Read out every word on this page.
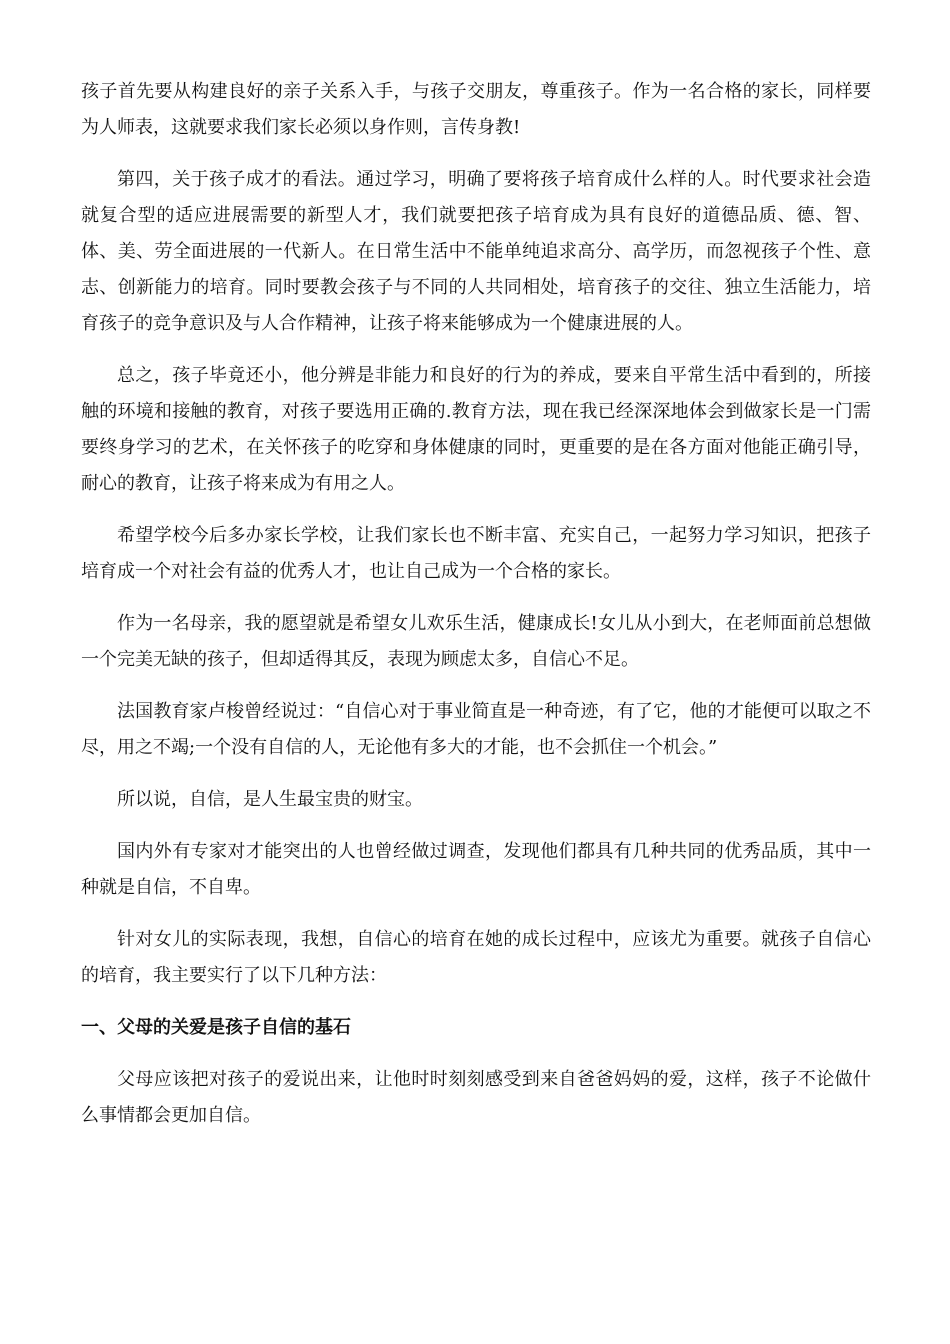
孩子首先要从构建良好的亲子关系入手，与孩子交朋友，尊重孩子。作为一名合格的家长，同样要为人师表，这就要求我们家长必须以身作则，言传身教!

第四，关于孩子成才的看法。通过学习，明确了要将孩子培育成什么样的人。时代要求社会造就复合型的适应进展需要的新型人才，我们就要把孩子培育成为具有良好的道德品质、德、智、体、美、劳全面进展的一代新人。在日常生活中不能单纯追求高分、高学历，而忽视孩子个性、意志、创新能力的培育。同时要教会孩子与不同的人共同相处，培育孩子的交往、独立生活能力，培育孩子的竞争意识及与人合作精神，让孩子将来能够成为一个健康进展的人。

总之，孩子毕竟还小，他分辨是非能力和良好的行为的养成，要来自平常生活中看到的，所接触的环境和接触的教育，对孩子要选用正确的.教育方法，现在我已经深深地体会到做家长是一门需要终身学习的艺术，在关怀孩子的吃穿和身体健康的同时，更重要的是在各方面对他能正确引导，耐心的教育，让孩子将来成为有用之人。

希望学校今后多办家长学校，让我们家长也不断丰富、充实自己，一起努力学习知识，把孩子培育成一个对社会有益的优秀人才，也让自己成为一个合格的家长。

作为一名母亲，我的愿望就是希望女儿欢乐生活，健康成长!女儿从小到大，在老师面前总想做一个完美无缺的孩子，但却适得其反，表现为顾虑太多，自信心不足。

法国教育家卢梭曾经说过：“自信心对于事业简直是一种奇迹，有了它，他的才能便可以取之不尽，用之不竭;一个没有自信的人，无论他有多大的才能，也不会抓住一个机会。”

所以说，自信，是人生最宝贵的财宝。

国内外有专家对才能突出的人也曾经做过调查，发现他们都具有几种共同的优秀品质，其中一种就是自信，不自卑。

针对女儿的实际表现，我想，自信心的培育在她的成长过程中，应该尤为重要。就孩子自信心的培育，我主要实行了以下几种方法：

一、父母的关爱是孩子自信的基石

父母应该把对孩子的爱说出来，让他时时刻刻感受到来自爸爸妈妈的爱，这样，孩子不论做什么事情都会更加自信。
